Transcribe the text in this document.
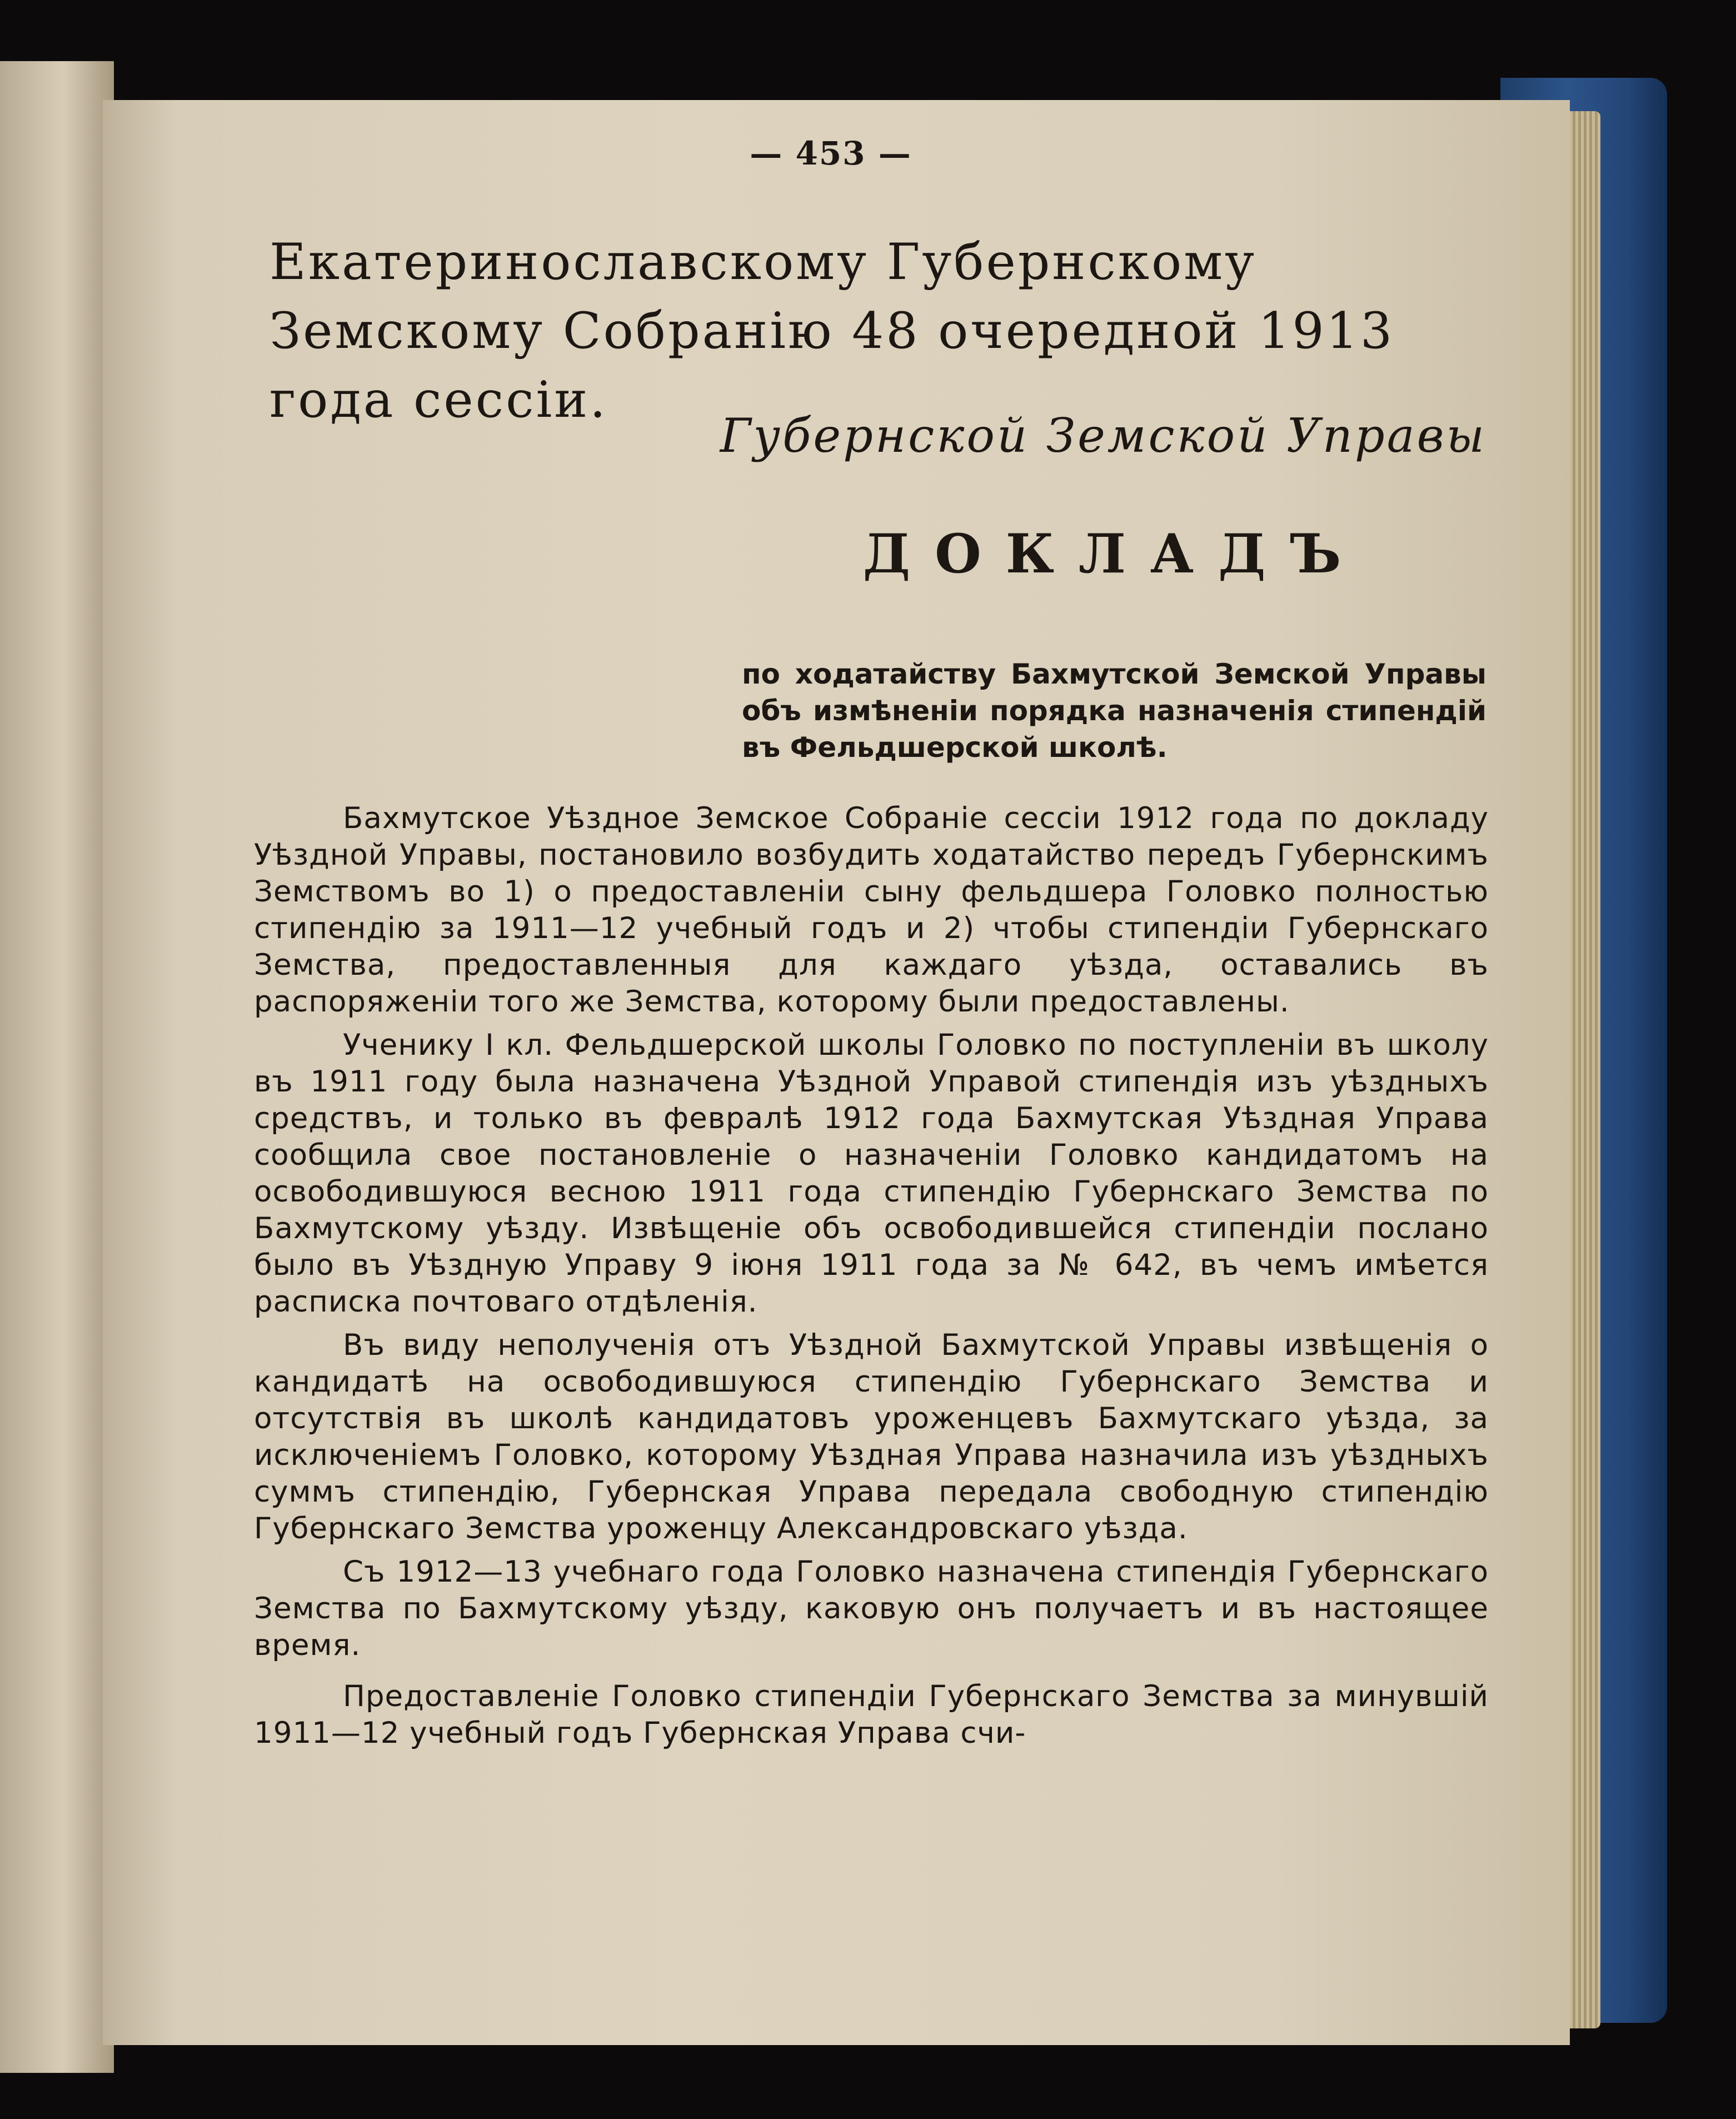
— 453 —
Екатеринославскому Губернскому Земскому Собранію 48 очередной 1913 года сессіи.
Губернской Земской Управы
ДОКЛАДЪ
по ходатайству Бахмутской Земской Управы объ измѣненіи порядка назначенія стипендій въ Фельдшерской школѣ.

Бахмутское Уѣздное Земское Собраніе сессіи 1912 года по докладу Уѣздной Управы, постановило возбудить ходатайство передъ Губернскимъ Земствомъ во 1) о предоставленіи сыну фельдшера Головко полностью стипендію за 1911—12 учебный годъ и 2) чтобы стипендіи Губернскаго Земства, предоставленныя для каждаго уѣзда, оставались въ распоряженіи того же Земства, которому были предоставлены.

Ученику I кл. Фельдшерской школы Головко по поступленіи въ школу въ 1911 году была назначена Уѣздной Управой стипендія изъ уѣздныхъ средствъ, и только въ февралѣ 1912 года Бахмутская Уѣздная Управа сообщила свое постановленіе о назначеніи Головко кандидатомъ на освободившуюся весною 1911 года стипендію Губернскаго Земства по Бахмутскому уѣзду. Извѣщеніе объ освободившейся стипендіи послано было въ Уѣздную Управу 9 іюня 1911 года за № 642, въ чемъ имѣется расписка почтоваго отдѣленія.

Въ виду неполученія отъ Уѣздной Бахмутской Управы извѣщенія о кандидатѣ на освободившуюся стипендію Губернскаго Земства и отсутствія въ школѣ кандидатовъ уроженцевъ Бахмутскаго уѣзда, за исключеніемъ Головко, которому Уѣздная Управа назначила изъ уѣздныхъ суммъ стипендію, Губернская Управа передала свободную стипендію Губернскаго Земства уроженцу Александровскаго уѣзда.

Съ 1912—13 учебнаго года Головко назначена стипендія Губернскаго Земства по Бахмутскому уѣзду, каковую онъ получаетъ и въ настоящее время.

Предоставленіе Головко стипендіи Губернскаго Земства за минувшій 1911—12 учебный годъ Губернская Управа счи-
